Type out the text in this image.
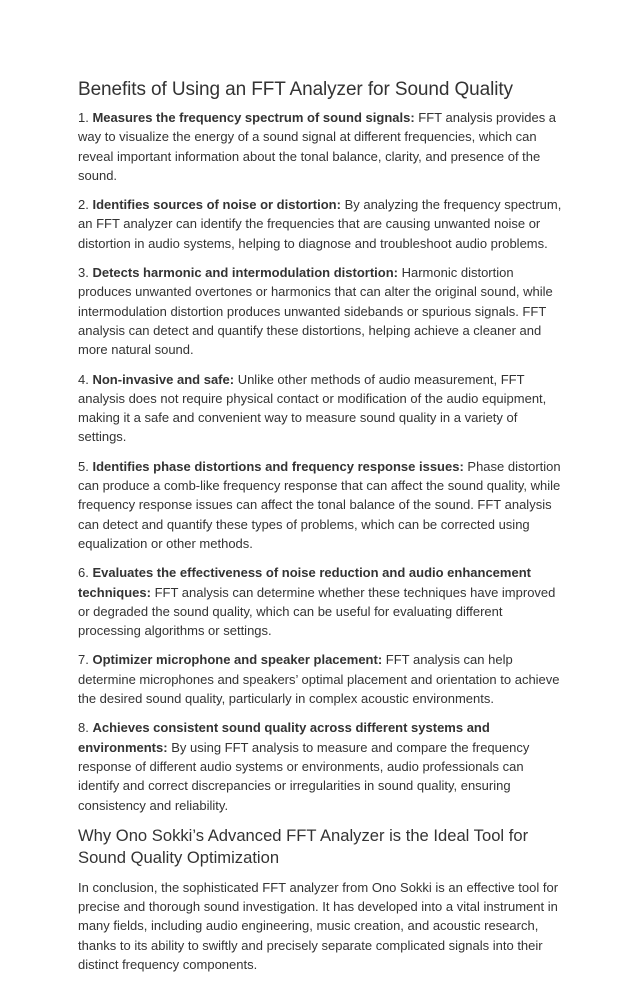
Benefits of Using an FFT Analyzer for Sound Quality

1. Measures the frequency spectrum of sound signals: FFT analysis provides a way to visualize the energy of a sound signal at different frequencies, which can reveal important information about the tonal balance, clarity, and presence of the sound.

2. Identifies sources of noise or distortion: By analyzing the frequency spectrum, an FFT analyzer can identify the frequencies that are causing unwanted noise or distortion in audio systems, helping to diagnose and troubleshoot audio problems.

3. Detects harmonic and intermodulation distortion: Harmonic distortion produces unwanted overtones or harmonics that can alter the original sound, while intermodulation distortion produces unwanted sidebands or spurious signals. FFT analysis can detect and quantify these distortions, helping achieve a cleaner and more natural sound.

4. Non-invasive and safe: Unlike other methods of audio measurement, FFT analysis does not require physical contact or modification of the audio equipment, making it a safe and convenient way to measure sound quality in a variety of settings.

5. Identifies phase distortions and frequency response issues: Phase distortion can produce a comb-like frequency response that can affect the sound quality, while frequency response issues can affect the tonal balance of the sound. FFT analysis can detect and quantify these types of problems, which can be corrected using equalization or other methods.

6. Evaluates the effectiveness of noise reduction and audio enhancement techniques: FFT analysis can determine whether these techniques have improved or degraded the sound quality, which can be useful for evaluating different processing algorithms or settings.

7. Optimizer microphone and speaker placement: FFT analysis can help determine microphones and speakers’ optimal placement and orientation to achieve the desired sound quality, particularly in complex acoustic environments.

8. Achieves consistent sound quality across different systems and environments: By using FFT analysis to measure and compare the frequency response of different audio systems or environments, audio professionals can identify and correct discrepancies or irregularities in sound quality, ensuring consistency and reliability.

Why Ono Sokki’s Advanced FFT Analyzer is the Ideal Tool for Sound Quality Optimization

In conclusion, the sophisticated FFT analyzer from Ono Sokki is an effective tool for precise and thorough sound investigation. It has developed into a vital instrument in many fields, including audio engineering, music creation, and acoustic research, thanks to its ability to swiftly and precisely separate complicated signals into their distinct frequency components.
